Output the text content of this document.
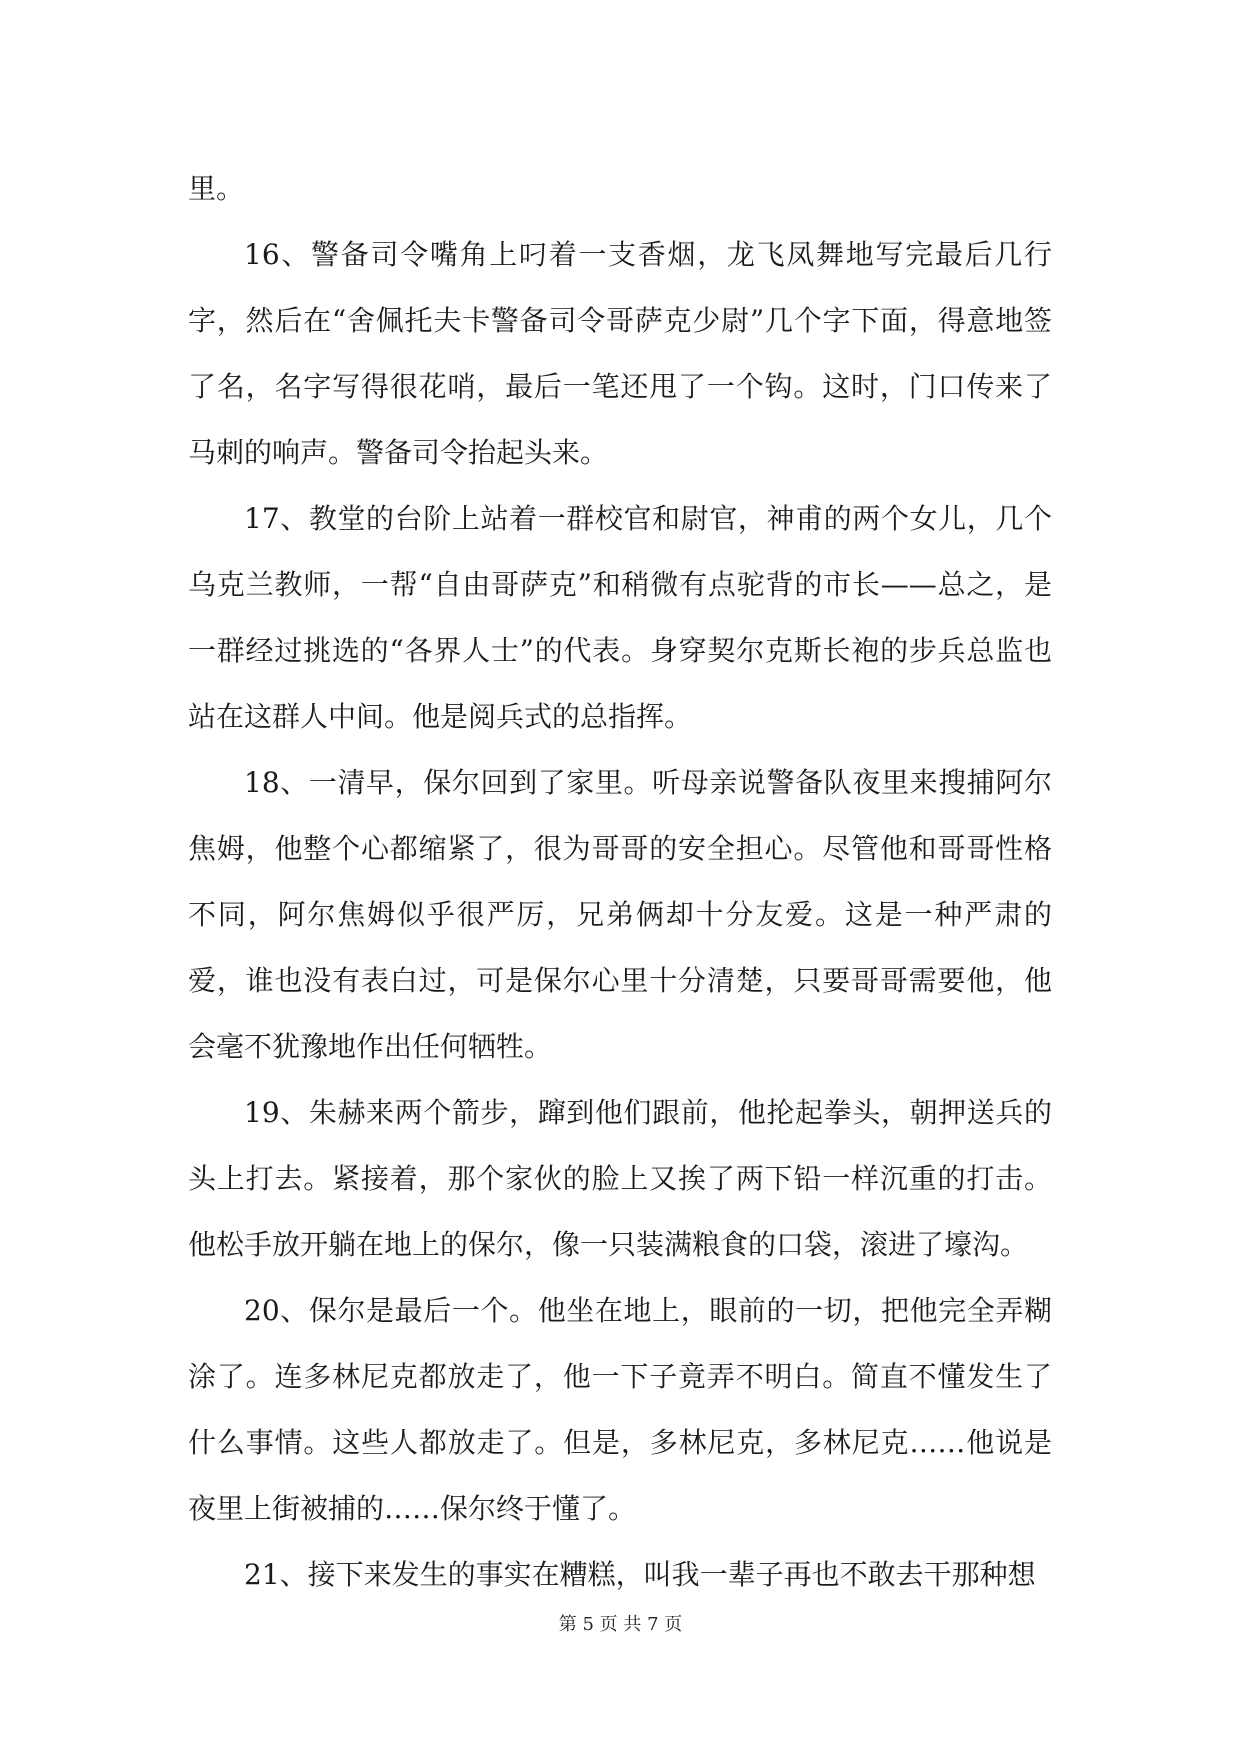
里。

16、警备司令嘴角上叼着一支香烟，龙飞凤舞地写完最后几行字，然后在“舍佩托夫卡警备司令哥萨克少尉”几个字下面，得意地签了名，名字写得很花哨，最后一笔还甩了一个钩。这时，门口传来了马刺的响声。警备司令抬起头来。

17、教堂的台阶上站着一群校官和尉官，神甫的两个女儿，几个乌克兰教师，一帮“自由哥萨克”和稍微有点驼背的市长——总之，是一群经过挑选的“各界人士”的代表。身穿契尔克斯长袍的步兵总监也站在这群人中间。他是阅兵式的总指挥。

18、一清早，保尔回到了家里。听母亲说警备队夜里来搜捕阿尔焦姆，他整个心都缩紧了，很为哥哥的安全担心。尽管他和哥哥性格不同，阿尔焦姆似乎很严厉，兄弟俩却十分友爱。这是一种严肃的爱，谁也没有表白过，可是保尔心里十分清楚，只要哥哥需要他，他会毫不犹豫地作出任何牺牲。

19、朱赫来两个箭步，蹿到他们跟前，他抡起拳头，朝押送兵的头上打去。紧接着，那个家伙的脸上又挨了两下铅一样沉重的打击。他松手放开躺在地上的保尔，像一只装满粮食的口袋，滚进了壕沟。

20、保尔是最后一个。他坐在地上，眼前的一切，把他完全弄糊涂了。连多林尼克都放走了，他一下子竟弄不明白。简直不懂发生了什么事情。这些人都放走了。但是，多林尼克，多林尼克……他说是夜里上街被捕的……保尔终于懂了。

21、接下来发生的事实在糟糕，叫我一辈子再也不敢去干那种想

第 5 页 共 7 页
